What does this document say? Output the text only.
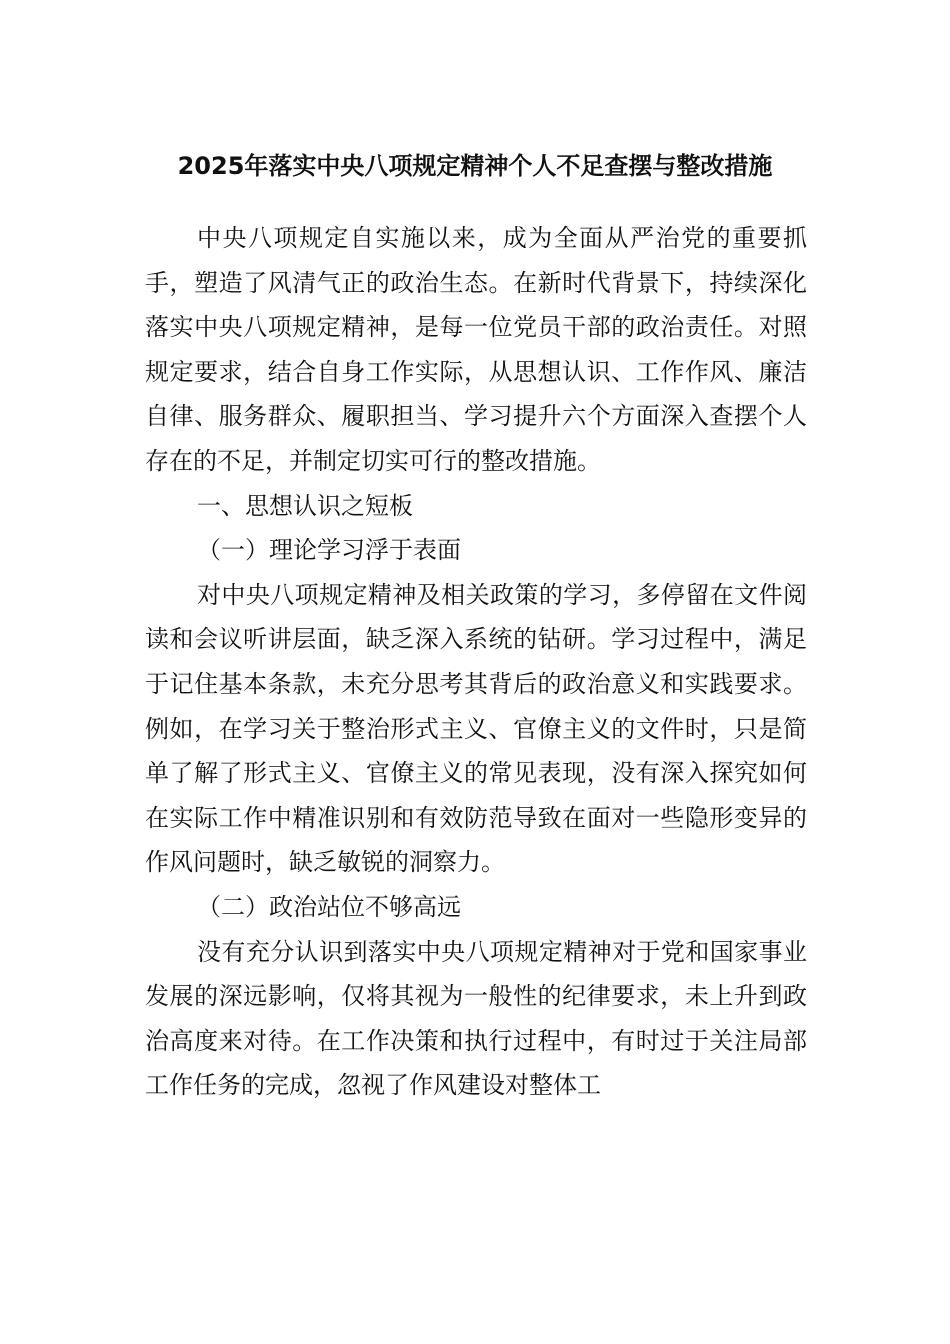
2025年落实中央八项规定精神个人不足查摆与整改措施

中央八项规定自实施以来，成为全面从严治党的重要抓手，塑造了风清气正的政治生态。在新时代背景下，持续深化落实中央八项规定精神，是每一位党员干部的政治责任。对照规定要求，结合自身工作实际，从思想认识、工作作风、廉洁自律、服务群众、履职担当、学习提升六个方面深入查摆个人存在的不足，并制定切实可行的整改措施。

一、思想认识之短板

（一）理论学习浮于表面

对中央八项规定精神及相关政策的学习，多停留在文件阅读和会议听讲层面，缺乏深入系统的钻研。学习过程中，满足于记住基本条款，未充分思考其背后的政治意义和实践要求。例如，在学习关于整治形式主义、官僚主义的文件时，只是简单了解了形式主义、官僚主义的常见表现，没有深入探究如何在实际工作中精准识别和有效防范导致在面对一些隐形变异的作风问题时，缺乏敏锐的洞察力。

（二）政治站位不够高远

没有充分认识到落实中央八项规定精神对于党和国家事业发展的深远影响，仅将其视为一般性的纪律要求，未上升到政治高度来对待。在工作决策和执行过程中，有时过于关注局部工作任务的完成，忽视了作风建设对整体工
